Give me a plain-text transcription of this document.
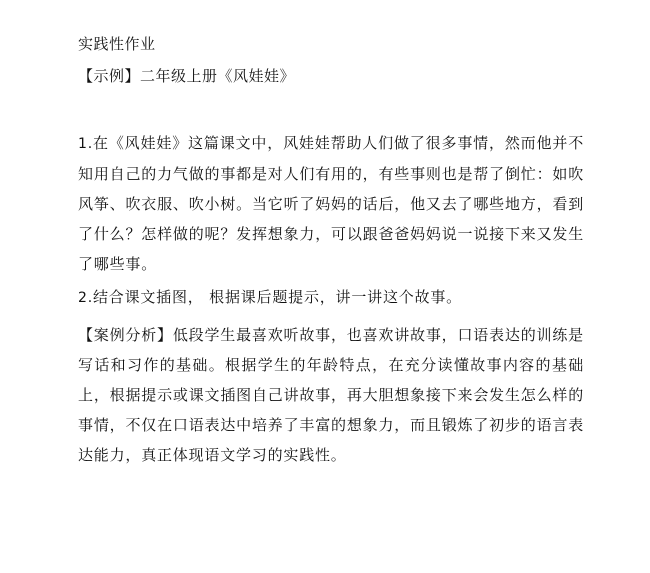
实践性作业
【示例】二年级上册《风娃娃》

1.在《风娃娃》这篇课文中，风娃娃帮助人们做了很多事情，然而他并不知用自己的力气做的事都是对人们有用的，有些事则也是帮了倒忙：如吹风筝、吹衣服、吹小树。当它听了妈妈的话后，他又去了哪些地方，看到了什么？怎样做的呢？发挥想象力，可以跟爸爸妈妈说一说接下来又发生了哪些事。

2.结合课文插图， 根据课后题提示，讲一讲这个故事。

【案例分析】低段学生最喜欢听故事，也喜欢讲故事，口语表达的训练是写话和习作的基础。根据学生的年龄特点，在充分读懂故事内容的基础上，根据提示或课文插图自己讲故事，再大胆想象接下来会发生怎么样的事情，不仅在口语表达中培养了丰富的想象力，而且锻炼了初步的语言表达能力，真正体现语文学习的实践性。
